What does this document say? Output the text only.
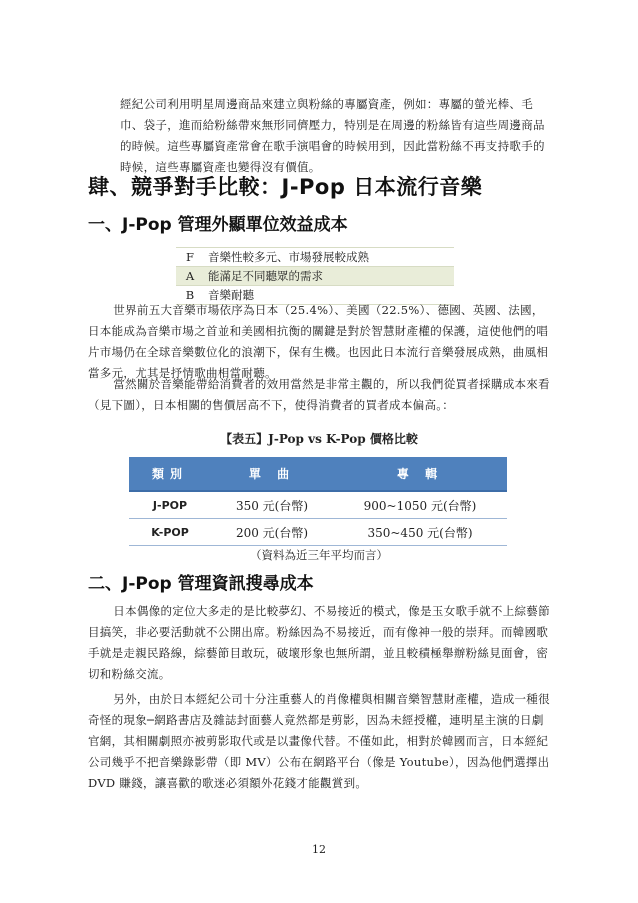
經紀公司利用明星周邊商品來建立與粉絲的專屬資產，例如：專屬的螢光棒、毛巾、袋子，進而給粉絲帶來無形同儕壓力，特別是在周邊的粉絲皆有這些周邊商品的時候。這些專屬資產常會在歌手演唱會的時候用到，因此當粉絲不再支持歌手的時候，這些專屬資產也變得沒有價值。

肆、競爭對手比較：J-Pop 日本流行音樂
一、J-Pop 管理外顯單位效益成本
F	音樂性較多元、市場發展較成熟
A	能滿足不同聽眾的需求
B	音樂耐聽

世界前五大音樂市場依序為日本（25.4%）、美國（22.5%）、德國、英國、法國，日本能成為音樂市場之首並和美國相抗衡的關鍵是對於智慧財產權的保護，這使他們的唱片市場仍在全球音樂數位化的浪潮下，保有生機。也因此日本流行音樂發展成熟，曲風相當多元，尤其是抒情歌曲相當耐聽。

當然關於音樂能帶給消費者的效用當然是非常主觀的，所以我們從買者採購成本來看（見下圖），日本相關的售價居高不下，使得消費者的買者成本偏高。：

【表五】J-Pop vs K-Pop 價格比較

類別	單 曲	專 輯
J-POP	350 元(台幣)	900~1050 元(台幣)
K-POP	200 元(台幣)	350~450 元(台幣)

（資料為近三年平均而言）

二、J-Pop 管理資訊搜尋成本

日本偶像的定位大多走的是比較夢幻、不易接近的模式，像是玉女歌手就不上綜藝節目搞笑，非必要活動就不公開出席。粉絲因為不易接近，而有像神一般的崇拜。而韓國歌手就是走親民路線，綜藝節目敢玩，破壞形象也無所謂，並且較積極舉辦粉絲見面會，密切和粉絲交流。

另外，由於日本經紀公司十分注重藝人的肖像權與相關音樂智慧財產權，造成一種很奇怪的現象─網路書店及雜誌封面藝人竟然都是剪影，因為未經授權，連明星主演的日劇官網，其相關劇照亦被剪影取代或是以畫像代替。不僅如此，相對於韓國而言，日本經紀公司幾乎不把音樂錄影帶（即 MV）公布在網路平台（像是 Youtube），因為他們選擇出 DVD 賺錢，讓喜歡的歌迷必須額外花錢才能觀賞到。

12
